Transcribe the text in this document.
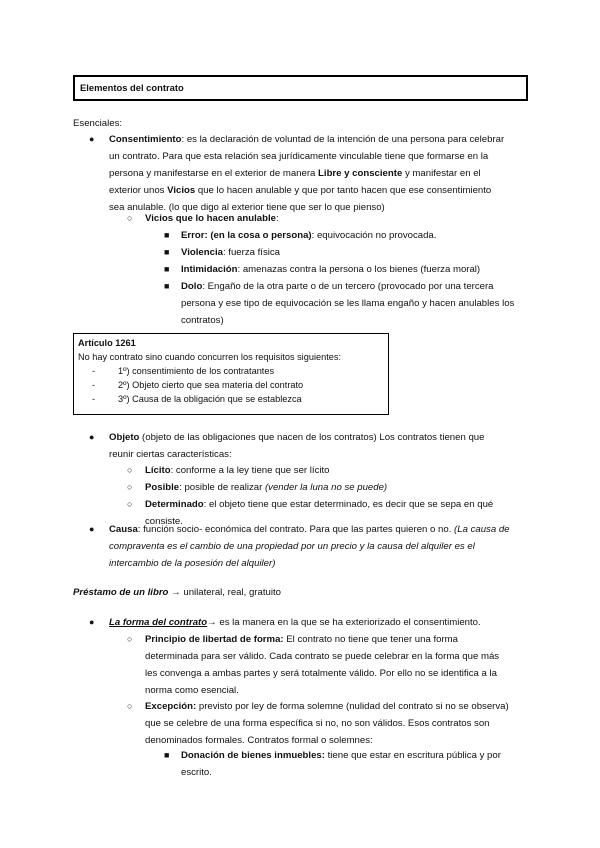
Elementos del contrato
Esenciales:
● Consentimiento: es la declaración de voluntad de la intención de una persona para celebrar
un contrato. Para que esta relación sea jurídicamente vinculable tiene que formarse en la
persona y manifestarse en el exterior de manera Libre y consciente y manifestar en el
exterior unos Vicios que lo hacen anulable y que por tanto hacen que ese consentimiento
sea anulable. (lo que digo al exterior tiene que ser lo que pienso)
○ Vicios que lo hacen anulable:
■ Error: (en la cosa o persona): equivocación no provocada.
■ Violencia: fuerza física
■ Intimidación: amenazas contra la persona o los bienes (fuerza moral)
■ Dolo: Engaño de la otra parte o de un tercero (provocado por una tercera
persona y ese tipo de equivocación se les llama engaño y hacen anulables los
contratos)
Artículo 1261
No hay contrato sino cuando concurren los requisitos siguientes:
- 1º) consentimiento de los contratantes
- 2º) Objeto cierto que sea materia del contrato
- 3º) Causa de la obligación que se establezca
● Objeto (objeto de las obligaciones que nacen de los contratos) Los contratos tienen que
reunir ciertas características:
○ Lícito: conforme a la ley tiene que ser lícito
○ Posible: posible de realizar (vender la luna no se puede)
○ Determinado: el objeto tiene que estar determinado, es decir que se sepa en qué
consiste.
● Causa: función socio- económica del contrato. Para que las partes quieren o no. (La causa de
compraventa es el cambio de una propiedad por un precio y la causa del alquiler es el
intercambio de la posesión del alquiler)
Préstamo de un libro → unilateral, real, gratuito
● La forma del contrato→ es la manera en la que se ha exteriorizado el consentimiento.
○ Principio de libertad de forma: El contrato no tiene que tener una forma
determinada para ser válido. Cada contrato se puede celebrar en la forma que más
les convenga a ambas partes y será totalmente válido. Por ello no se identifica a la
norma como esencial.
○ Excepción: previsto por ley de forma solemne (nulidad del contrato si no se observa)
que se celebre de una forma específica si no, no son válidos. Esos contratos son
denominados formales. Contratos formal o solemnes:
■ Donación de bienes inmuebles: tiene que estar en escritura pública y por
escrito.
